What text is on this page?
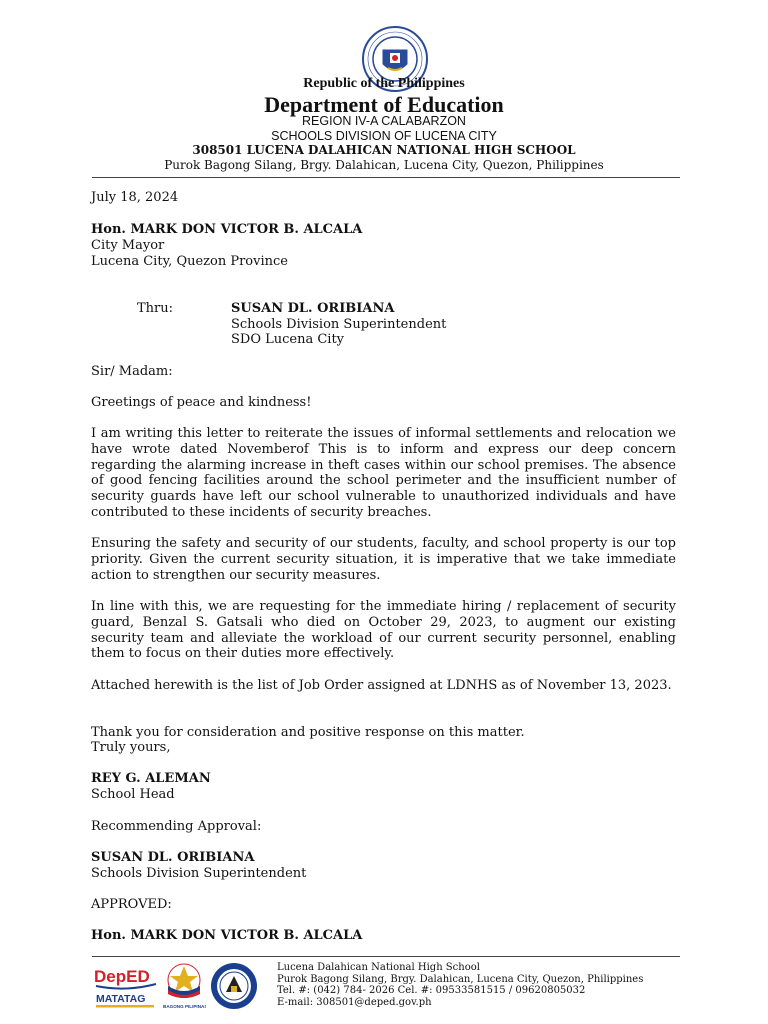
Republic of the Philippines
Department of Education
REGION IV-A CALABARZON
SCHOOLS DIVISION OF LUCENA CITY
308501 LUCENA DALAHICAN NATIONAL HIGH SCHOOL
Purok Bagong Silang, Brgy. Dalahican, Lucena City, Quezon, Philippines
July 18, 2024
Hon. MARK DON VICTOR B. ALCALA
City Mayor
Lucena City, Quezon Province
Thru:	SUSAN DL. ORIBIANA
Schools Division Superintendent
SDO Lucena City
Sir/ Madam:
Greetings of peace and kindness!
I am writing this letter to reiterate the issues of informal settlements and relocation we have wrote dated Novemberof This is to inform and express our deep concern regarding the alarming increase in theft cases within our school premises. The absence of good fencing facilities around the school perimeter and the insufficient number of security guards have left our school vulnerable to unauthorized individuals and have contributed to these incidents of security breaches.
Ensuring the safety and security of our students, faculty, and school property is our top priority. Given the current security situation, it is imperative that we take immediate action to strengthen our security measures.
In line with this, we are requesting for the immediate hiring / replacement of security guard, Benzal S. Gatsali who died on October 29, 2023, to augment our existing security team and alleviate the workload of our current security personnel, enabling them to focus on their duties more effectively.
Attached herewith is the list of Job Order assigned at LDNHS as of November 13, 2023.
Thank you for consideration and positive response on this matter.
Truly yours,
REY G. ALEMAN
School Head
Recommending Approval:
SUSAN DL. ORIBIANA
Schools Division Superintendent
APPROVED:
Hon. MARK DON VICTOR B. ALCALA
DepED
MATATAG
BAGONG PILIPINAS
Lucena Dalahican National High School
Purok Bagong Silang, Brgy. Dalahican, Lucena City, Quezon, Philippines
Tel. #: (042) 784- 2026 Cel. #: 09533581515 / 09620805032
E-mail: 308501@deped.gov.ph
